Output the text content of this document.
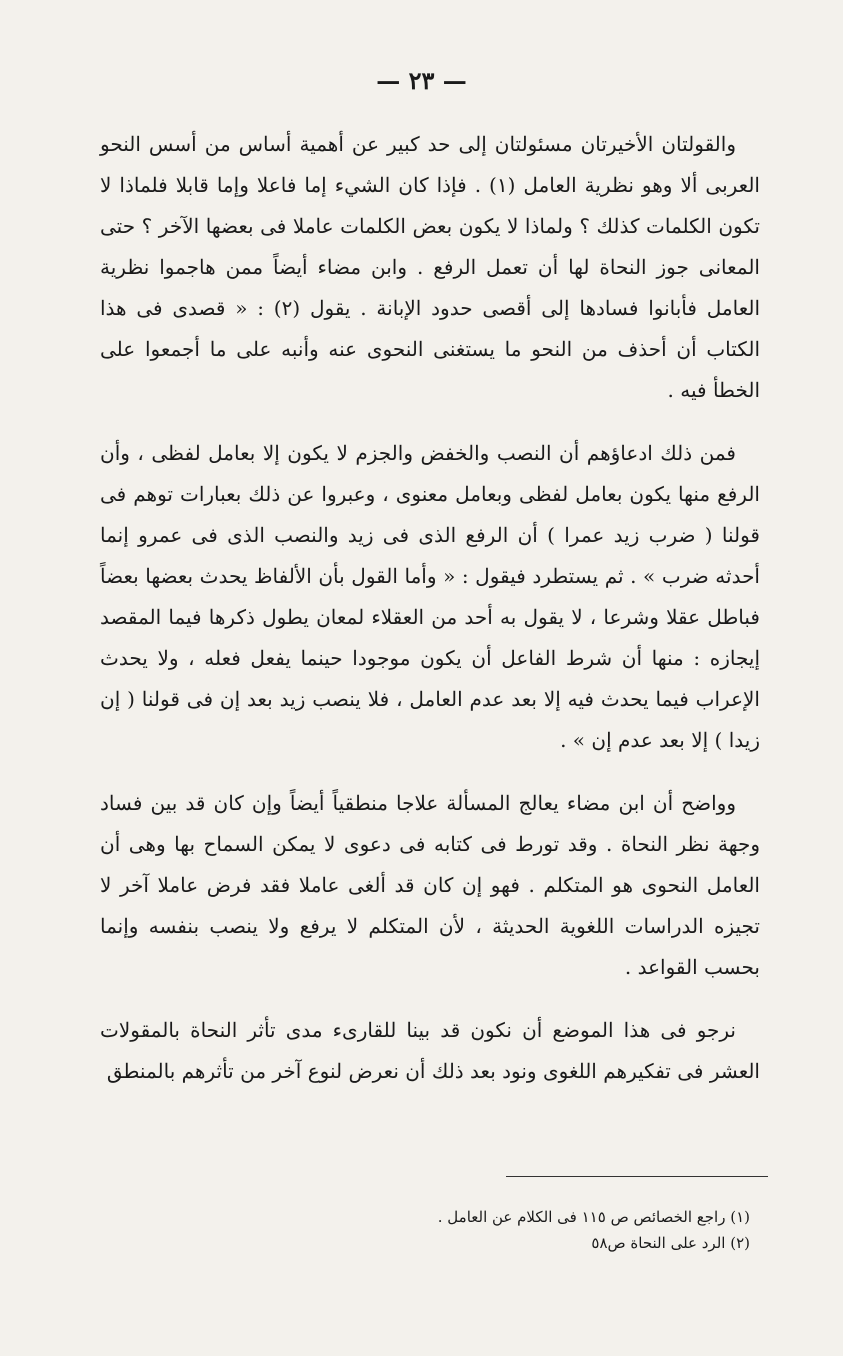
— ٢٣ —

والقولتان الأخيرتان مسئولتان إلى حد كبير عن أهمية أساس من أسس النحو العربى ألا وهو نظرية العامل (١) . فإذا كان الشيء إما فاعلا وإما قابلا فلماذا لا تكون الكلمات كذلك ؟ ولماذا لا يكون بعض الكلمات عاملا فى بعضها الآخر ؟ حتى المعانى جوز النحاة لها أن تعمل الرفع . وابن مضاء أيضاً ممن هاجموا نظرية العامل فأبانوا فسادها إلى أقصى حدود الإبانة . يقول (٢) : « قصدى فى هذا الكتاب أن أحذف من النحو ما يستغنى النحوى عنه وأنبه على ما أجمعوا على الخطأ فيه .

فمن ذلك ادعاؤهم أن النصب والخفض والجزم لا يكون إلا بعامل لفظى ، وأن الرفع منها يكون بعامل لفظى وبعامل معنوى ، وعبروا عن ذلك بعبارات توهم فى قولنا ( ضرب زيد عمرا ) أن الرفع الذى فى زيد والنصب الذى فى عمرو إنما أحدثه ضرب » . ثم يستطرد فيقول : « وأما القول بأن الألفاظ يحدث بعضها بعضاً فباطل عقلا وشرعا ، لا يقول به أحد من العقلاء لمعان يطول ذكرها فيما المقصد إيجازه : منها أن شرط الفاعل أن يكون موجودا حينما يفعل فعله ، ولا يحدث الإعراب فيما يحدث فيه إلا بعد عدم العامل ، فلا ينصب زيد بعد إن فى قولنا ( إن زيدا ) إلا بعد عدم إن » .

وواضح أن ابن مضاء يعالج المسألة علاجا منطقياً أيضاً وإن كان قد بين فساد وجهة نظر النحاة . وقد تورط فى كتابه فى دعوى لا يمكن السماح بها وهى أن العامل النحوى هو المتكلم . فهو إن كان قد ألغى عاملا فقد فرض عاملا آخر لا تجيزه الدراسات اللغوية الحديثة ، لأن المتكلم لا يرفع ولا ينصب بنفسه وإنما بحسب القواعد .

نرجو فى هذا الموضع أن نكون قد بينا للقارىء مدى تأثر النحاة بالمقولات العشر فى تفكيرهم اللغوى ونود بعد ذلك أن نعرض لنوع آخر من تأثرهم بالمنطق

(١) راجع الخصائص ص ١١٥ فى الكلام عن العامل .

(٢) الرد على النحاة ص٥٨
